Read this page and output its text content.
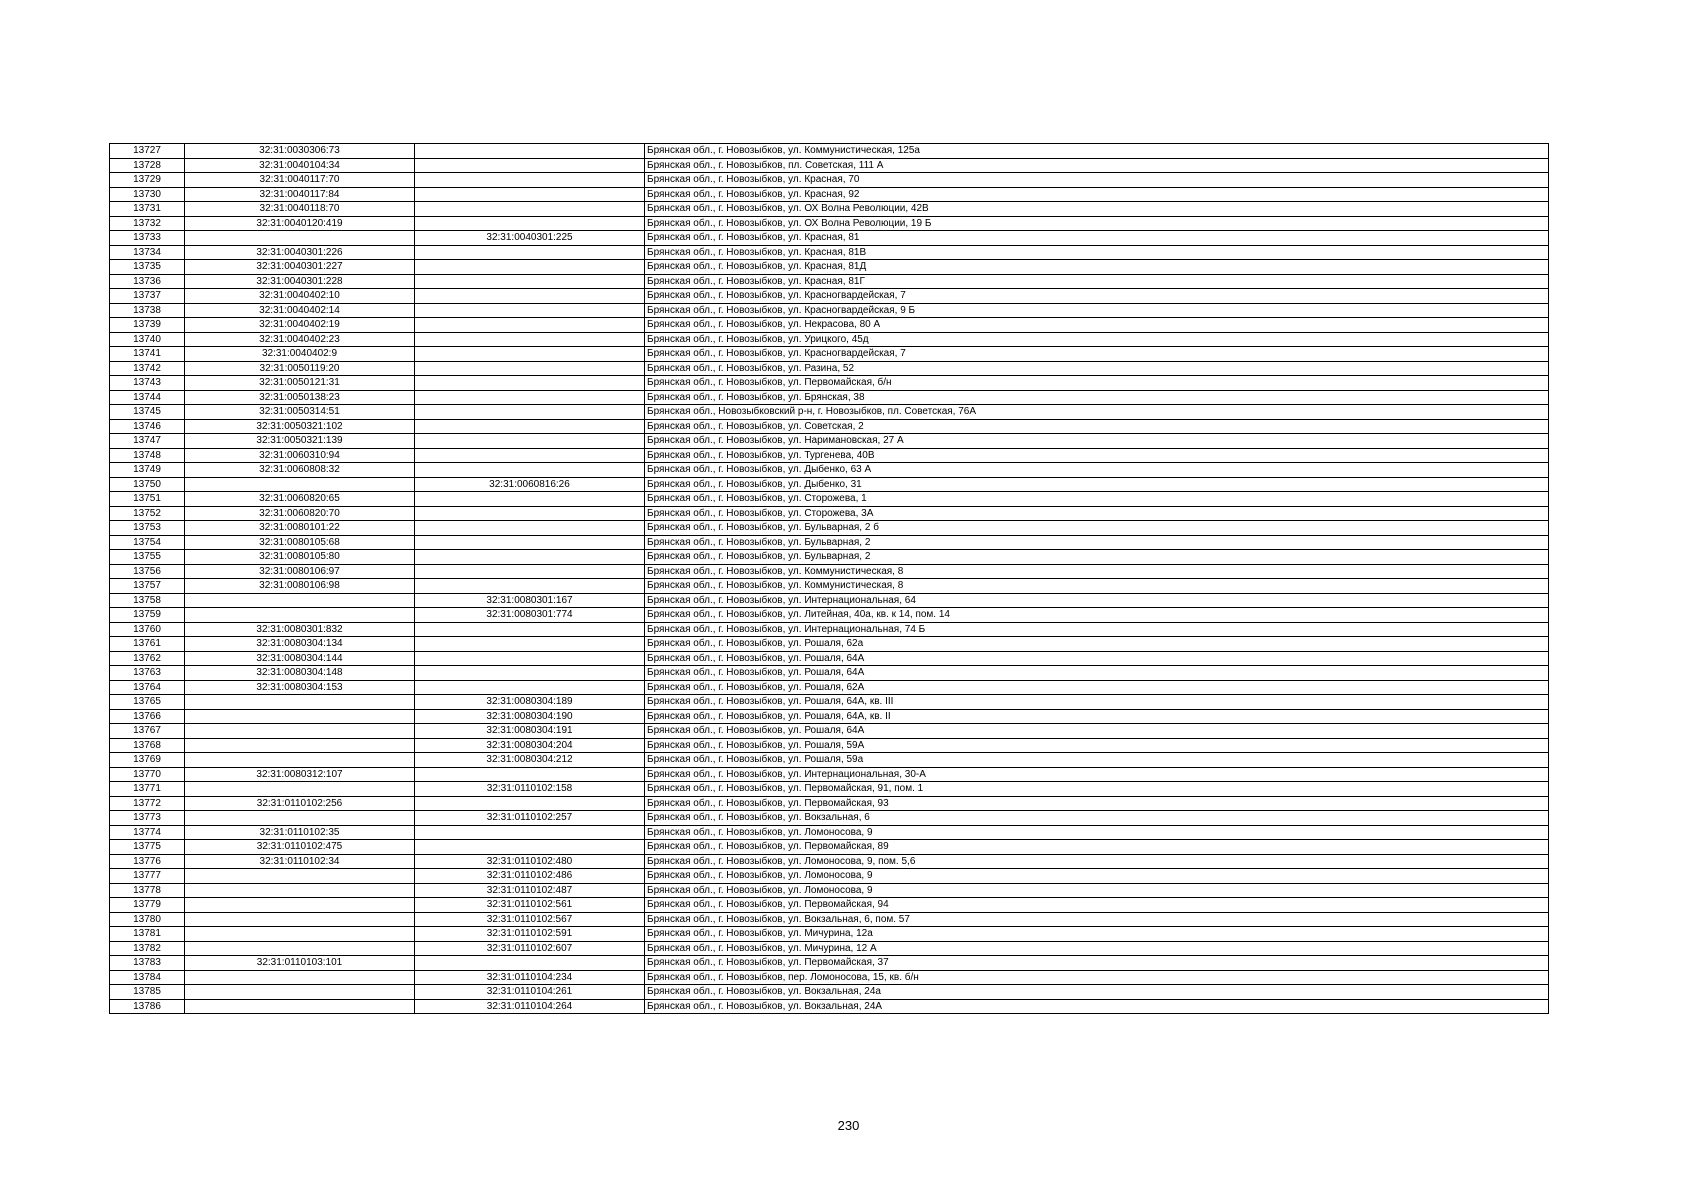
13727	32:31:0030306:73		Брянская обл., г. Новозыбков, ул. Коммунистическая, 125а
13728	32:31:0040104:34		Брянская обл., г. Новозыбков, пл. Советская, 111 А
13729	32:31:0040117:70		Брянская обл., г. Новозыбков, ул. Красная, 70
13730	32:31:0040117:84		Брянская обл., г. Новозыбков, ул. Красная, 92
13731	32:31:0040118:70		Брянская обл., г. Новозыбков, ул. ОХ Волна Революции, 42В
13732	32:31:0040120:419		Брянская обл., г. Новозыбков, ул. ОХ Волна Революции, 19 Б
13733		32:31:0040301:225	Брянская обл., г. Новозыбков, ул. Красная, 81
13734	32:31:0040301:226		Брянская обл., г. Новозыбков, ул. Красная, 81В
13735	32:31:0040301:227		Брянская обл., г. Новозыбков, ул. Красная, 81Д
13736	32:31:0040301:228		Брянская обл., г. Новозыбков, ул. Красная, 81Г
13737	32:31:0040402:10		Брянская обл., г. Новозыбков, ул. Красногвардейская, 7
13738	32:31:0040402:14		Брянская обл., г. Новозыбков, ул. Красногвардейская, 9 Б
13739	32:31:0040402:19		Брянская обл., г. Новозыбков, ул. Некрасова, 80 А
13740	32:31:0040402:23		Брянская обл., г. Новозыбков, ул. Урицкого, 45д
13741	32:31:0040402:9		Брянская обл., г. Новозыбков, ул. Красногвардейская, 7
13742	32:31:0050119:20		Брянская обл., г. Новозыбков, ул. Разина, 52
13743	32:31:0050121:31		Брянская обл., г. Новозыбков, ул. Первомайская, б/н
13744	32:31:0050138:23		Брянская обл., г. Новозыбков, ул. Брянская, 38
13745	32:31:0050314:51		Брянская обл., Новозыбковский р-н, г. Новозыбков, пл. Советская, 76А
13746	32:31:0050321:102		Брянская обл., г. Новозыбков, ул. Советская, 2
13747	32:31:0050321:139		Брянская обл., г. Новозыбков, ул. Наримановская, 27 А
13748	32:31:0060310:94		Брянская обл., г. Новозыбков, ул. Тургенева, 40В
13749	32:31:0060808:32		Брянская обл., г. Новозыбков, ул. Дыбенко, 63 А
13750		32:31:0060816:26	Брянская обл., г. Новозыбков, ул. Дыбенко, 31
13751	32:31:0060820:65		Брянская обл., г. Новозыбков, ул. Сторожева, 1
13752	32:31:0060820:70		Брянская обл., г. Новозыбков, ул. Сторожева, 3А
13753	32:31:0080101:22		Брянская обл., г. Новозыбков, ул. Бульварная, 2 б
13754	32:31:0080105:68		Брянская обл., г. Новозыбков, ул. Бульварная, 2
13755	32:31:0080105:80		Брянская обл., г. Новозыбков, ул. Бульварная, 2
13756	32:31:0080106:97		Брянская обл., г. Новозыбков, ул. Коммунистическая, 8
13757	32:31:0080106:98		Брянская обл., г. Новозыбков, ул. Коммунистическая, 8
13758		32:31:0080301:167	Брянская обл., г. Новозыбков, ул. Интернациональная, 64
13759		32:31:0080301:774	Брянская обл., г. Новозыбков, ул. Литейная, 40а, кв. к 14, пом. 14
13760	32:31:0080301:832		Брянская обл., г. Новозыбков, ул. Интернациональная, 74 Б
13761	32:31:0080304:134		Брянская обл., г. Новозыбков, ул. Рошаля, 62а
13762	32:31:0080304:144		Брянская обл., г. Новозыбков, ул. Рошаля, 64А
13763	32:31:0080304:148		Брянская обл., г. Новозыбков, ул. Рошаля, 64А
13764	32:31:0080304:153		Брянская обл., г. Новозыбков, ул. Рошаля, 62А
13765		32:31:0080304:189	Брянская обл., г. Новозыбков, ул. Рошаля, 64А, кв. III
13766		32:31:0080304:190	Брянская обл., г. Новозыбков, ул. Рошаля, 64А, кв. II
13767		32:31:0080304:191	Брянская обл., г. Новозыбков, ул. Рошаля, 64А
13768		32:31:0080304:204	Брянская обл., г. Новозыбков, ул. Рошаля, 59А
13769		32:31:0080304:212	Брянская обл., г. Новозыбков, ул. Рошаля, 59а
13770	32:31:0080312:107		Брянская обл., г. Новозыбков, ул. Интернациональная, 30-А
13771		32:31:0110102:158	Брянская обл., г. Новозыбков, ул. Первомайская, 91, пом. 1
13772	32:31:0110102:256		Брянская обл., г. Новозыбков, ул. Первомайская, 93
13773		32:31:0110102:257	Брянская обл., г. Новозыбков, ул. Вокзальная, 6
13774	32:31:0110102:35		Брянская обл., г. Новозыбков, ул. Ломоносова, 9
13775	32:31:0110102:475		Брянская обл., г. Новозыбков, ул. Первомайская, 89
13776	32:31:0110102:34	32:31:0110102:480	Брянская обл., г. Новозыбков, ул. Ломоносова, 9, пом. 5,6
13777		32:31:0110102:486	Брянская обл., г. Новозыбков, ул. Ломоносова, 9
13778		32:31:0110102:487	Брянская обл., г. Новозыбков, ул. Ломоносова, 9
13779		32:31:0110102:561	Брянская обл., г. Новозыбков, ул. Первомайская, 94
13780		32:31:0110102:567	Брянская обл., г. Новозыбков, ул. Вокзальная, 6, пом. 57
13781		32:31:0110102:591	Брянская обл., г. Новозыбков, ул. Мичурина, 12а
13782		32:31:0110102:607	Брянская обл., г. Новозыбков, ул. Мичурина, 12 А
13783	32:31:0110103:101		Брянская обл., г. Новозыбков, ул. Первомайская, 37
13784		32:31:0110104:234	Брянская обл., г. Новозыбков, пер. Ломоносова, 15, кв. б/н
13785		32:31:0110104:261	Брянская обл., г. Новозыбков, ул. Вокзальная, 24а
13786		32:31:0110104:264	Брянская обл., г. Новозыбков, ул. Вокзальная, 24А
230
